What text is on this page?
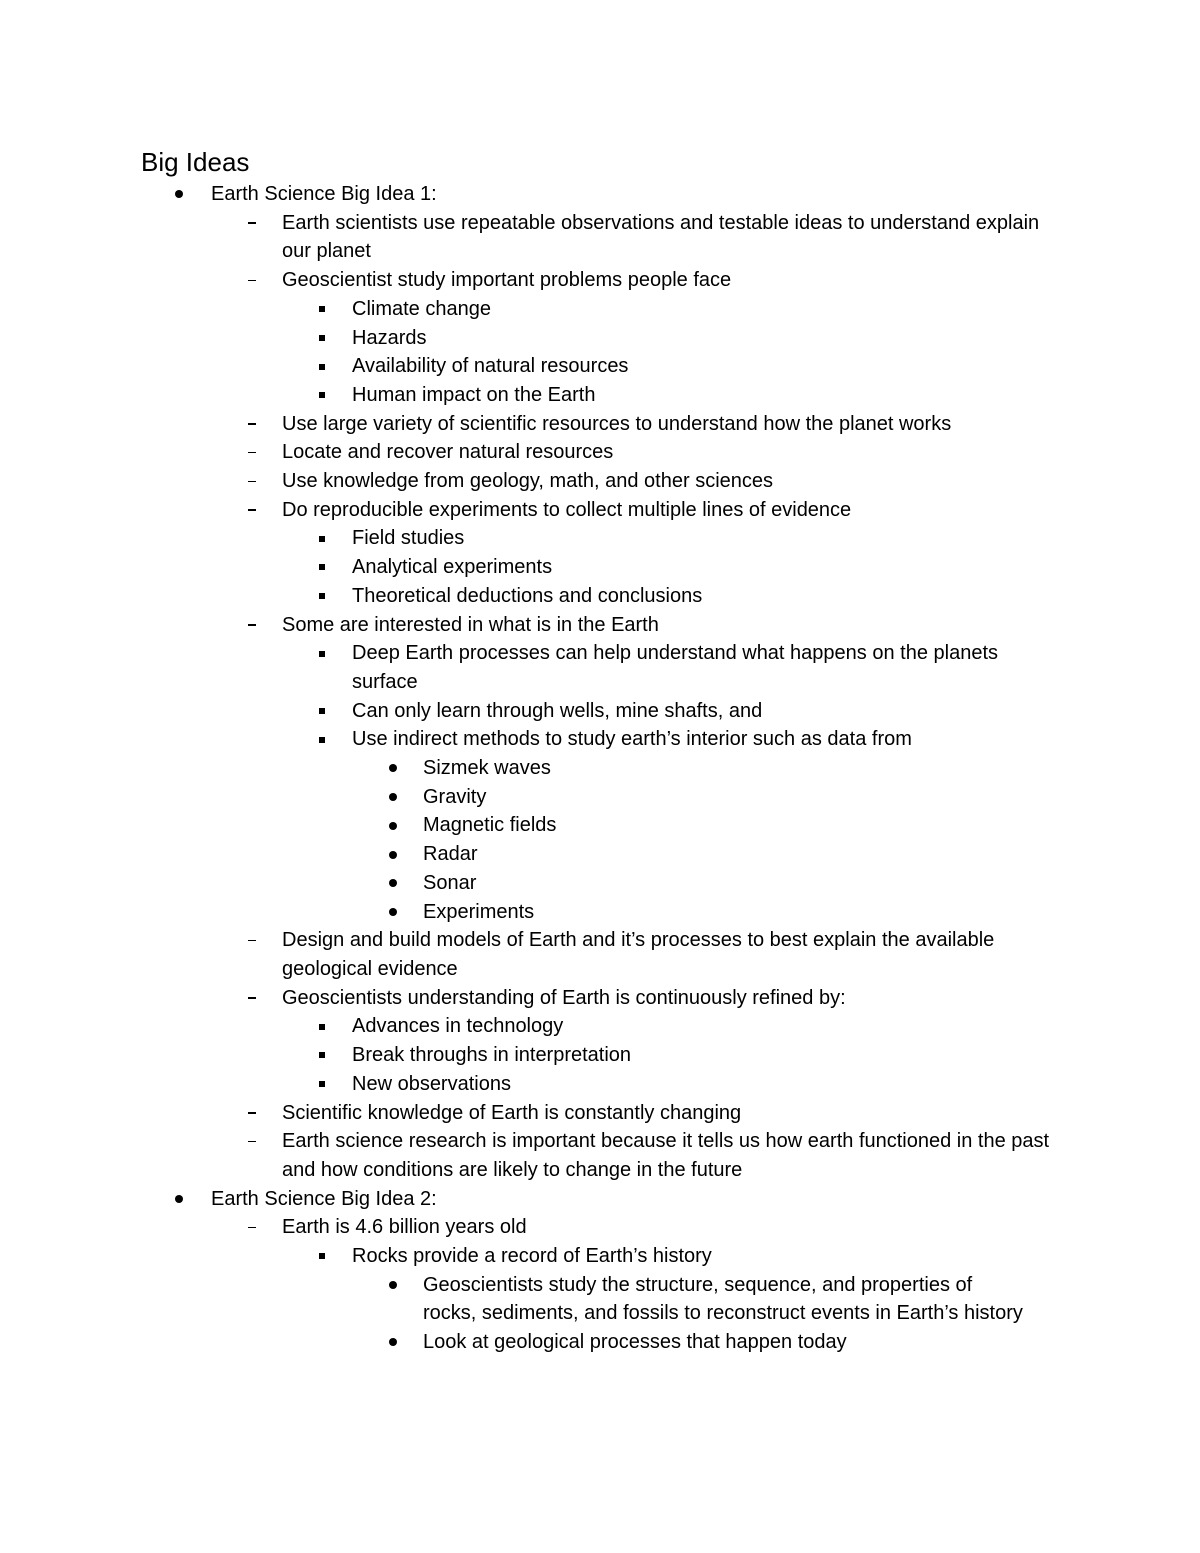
Big Ideas
Earth Science Big Idea 1:
Earth scientists use repeatable observations and testable ideas to understand explain our planet
Geoscientist study important problems people face
Climate change
Hazards
Availability of natural resources
Human impact on the Earth
Use large variety of scientific resources to understand how the planet works
Locate and recover natural resources
Use knowledge from geology, math, and other sciences
Do reproducible experiments to collect multiple lines of evidence
Field studies
Analytical experiments
Theoretical deductions and conclusions
Some are interested in what is in the Earth
Deep Earth processes can help understand what happens on the planets surface
Can only learn through wells, mine shafts, and
Use indirect methods to study earth’s interior such as data from
Sizmek waves
Gravity
Magnetic fields
Radar
Sonar
Experiments
Design and build models of Earth and it’s processes to best explain the available geological evidence
Geoscientists understanding of Earth is continuously refined by:
Advances in technology
Break throughs in interpretation
New observations
Scientific knowledge of Earth is constantly changing
Earth science research is important because it tells us how earth functioned in the past and how conditions are likely to change in the future
Earth Science Big Idea 2:
Earth is 4.6 billion years old
Rocks provide a record of Earth’s history
Geoscientists study the structure, sequence, and properties of rocks, sediments, and fossils to reconstruct events in Earth’s history
Look at geological processes that happen today
